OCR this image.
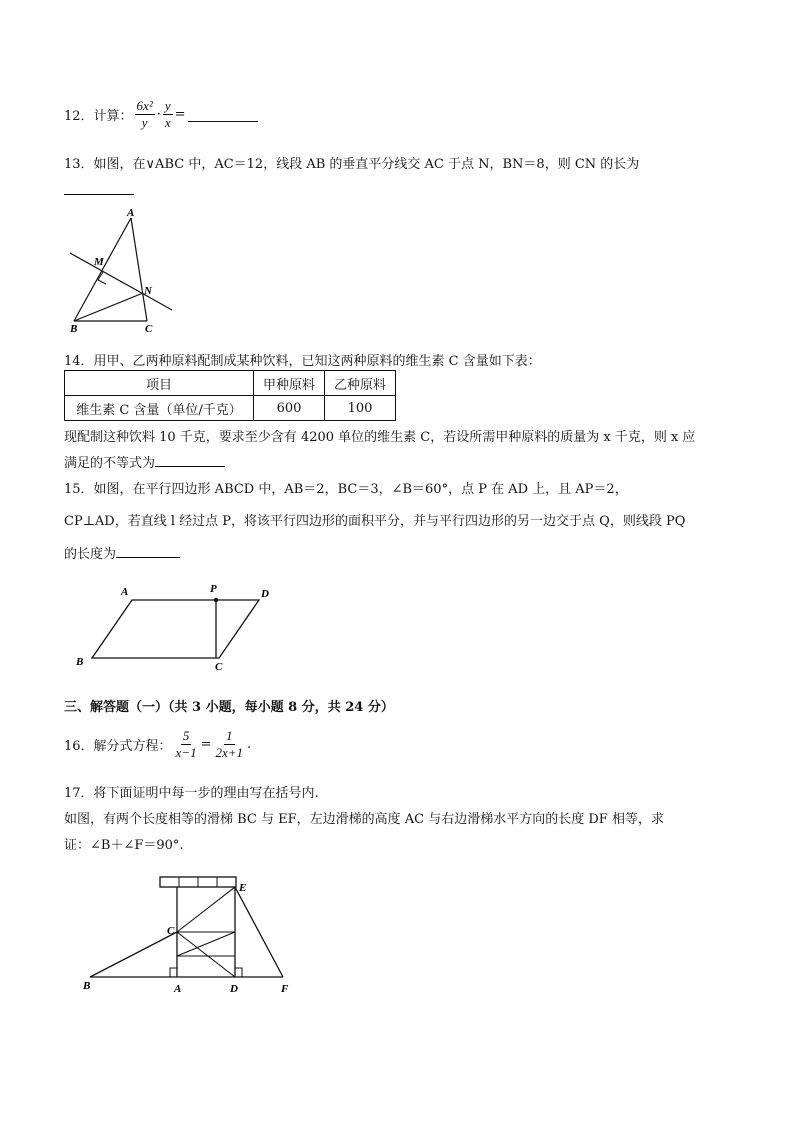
12．计算： $\frac{\text{6x²}}{y} \cdot \frac{y}{x}$ =
13．如图，在∨ABC 中，AC＝12，线段 AB 的垂直平分线交 AC 于点 N，BN＝8，则 CN 的长为
A
M
N
B	C
14．用甲、乙两种原料配制成某种饮料，已知这两种原料的维生素 C 含量如下表：
项目	甲种原料	乙种原料
维生素 C 含量（单位/千克）	600	100
现配制这种饮料 10 千克，要求至少含有 4200 单位的维生素 C，若设所需甲种原料的质量为 x 千克，则 x 应
满足的不等式为
15．如图，在平行四边形 ABCD 中，AB＝2，BC＝3，∠B＝60°，点 P 在 AD 上，且 AP＝2，
CP⊥AD，若直线 l 经过点 P，将该平行四边形的面积平分，并与平行四边形的另一边交于点 Q，则线段 PQ
的长度为
A	P	D
B	C
三、解答题（一）（共 3 小题，每小题 8 分，共 24 分）
16．解分式方程： $\frac{5}{x-1} = \frac{1}{2x+1}$ .
17．将下面证明中每一步的理由写在括号内.
如图，有两个长度相等的滑梯 BC 与 EF，左边滑梯的高度 AC 与右边滑梯水平方向的长度 DF 相等，求
证：∠B＋∠F＝90°.
E
C
B	A	D	F
